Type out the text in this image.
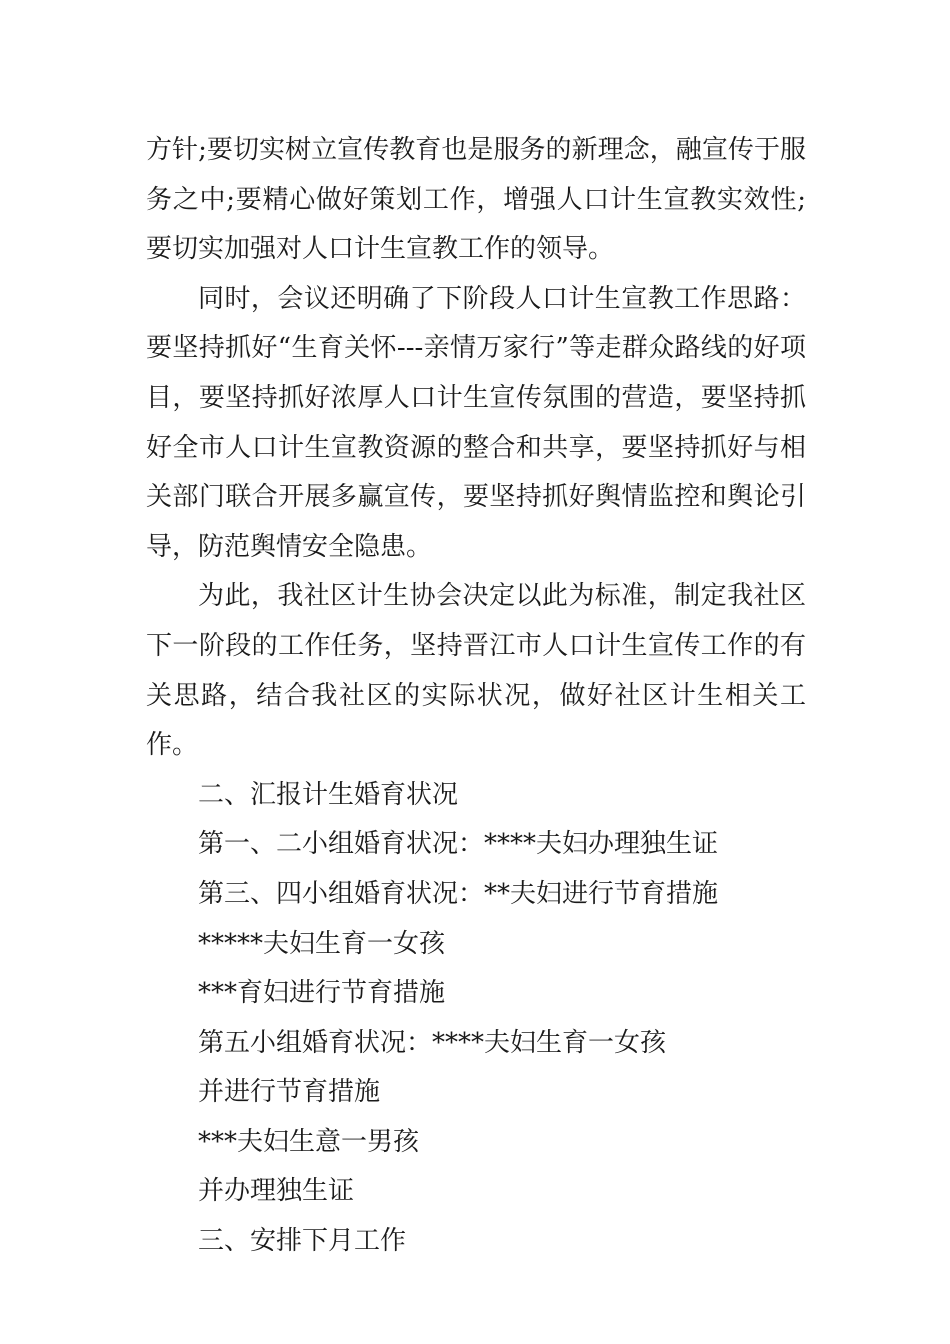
方针;要切实树立宣传教育也是服务的新理念，融宣传于服务之中;要精心做好策划工作，增强人口计生宣教实效性;要切实加强对人口计生宣教工作的领导。

同时，会议还明确了下阶段人口计生宣教工作思路：要坚持抓好“生育关怀---亲情万家行”等走群众路线的好项目，要坚持抓好浓厚人口计生宣传氛围的营造，要坚持抓好全市人口计生宣教资源的整合和共享，要坚持抓好与相关部门联合开展多赢宣传，要坚持抓好舆情监控和舆论引导，防范舆情安全隐患。

为此，我社区计生协会决定以此为标准，制定我社区下一阶段的工作任务，坚持晋江市人口计生宣传工作的有关思路，结合我社区的实际状况，做好社区计生相关工作。

二、汇报计生婚育状况

第一、二小组婚育状况：****夫妇办理独生证

第三、四小组婚育状况：**夫妇进行节育措施

*****夫妇生育一女孩

***育妇进行节育措施

第五小组婚育状况：****夫妇生育一女孩

并进行节育措施

***夫妇生意一男孩

并办理独生证

三、安排下月工作
